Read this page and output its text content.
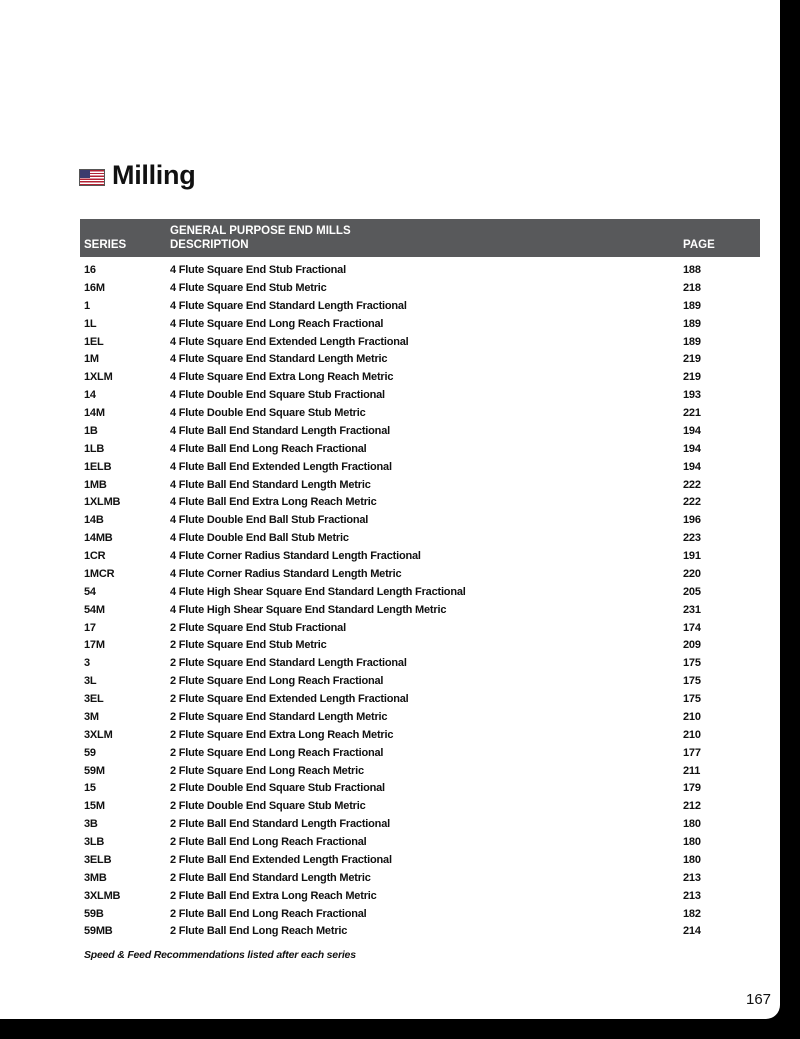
Milling
SERIES
GENERAL PURPOSE END MILLS
DESCRIPTION	PAGE
16	4 Flute Square End Stub Fractional	188
16M	4 Flute Square End Stub Metric	218
1	4 Flute Square End Standard Length Fractional	189
1L	4 Flute Square End Long Reach Fractional	189
1EL	4 Flute Square End Extended Length Fractional	189
1M	4 Flute Square End Standard Length Metric	219
1XLM	4 Flute Square End Extra Long Reach Metric	219
14	4 Flute Double End Square Stub Fractional	193
14M	4 Flute Double End Square Stub Metric	221
1B	4 Flute Ball End Standard Length Fractional	194
1LB	4 Flute Ball End Long Reach Fractional	194
1ELB	4 Flute Ball End Extended Length Fractional	194
1MB	4 Flute Ball End Standard Length Metric	222
1XLMB	4 Flute Ball End Extra Long Reach Metric	222
14B	4 Flute Double End Ball Stub Fractional	196
14MB	4 Flute Double End Ball Stub Metric	223
1CR	4 Flute Corner Radius Standard Length Fractional	191
1MCR	4 Flute Corner Radius Standard Length Metric	220
54	4 Flute High Shear Square End Standard Length Fractional	205
54M	4 Flute High Shear Square End Standard Length Metric	231
17	2 Flute Square End Stub Fractional	174
17M	2 Flute Square End Stub Metric	209
3	2 Flute Square End Standard Length Fractional	175
3L	2 Flute Square End Long Reach Fractional	175
3EL	2 Flute Square End Extended Length Fractional	175
3M	2 Flute Square End Standard Length Metric	210
3XLM	2 Flute Square End Extra Long Reach Metric	210
59	2 Flute Square End Long Reach Fractional	177
59M	2 Flute Square End Long Reach Metric	211
15	2 Flute Double End Square Stub Fractional	179
15M	2 Flute Double End Square Stub Metric	212
3B	2 Flute Ball End Standard Length Fractional	180
3LB	2 Flute Ball End Long Reach Fractional	180
3ELB	2 Flute Ball End Extended Length Fractional	180
3MB	2 Flute Ball End Standard Length Metric	213
3XLMB	2 Flute Ball End Extra Long Reach Metric	213
59B	2 Flute Ball End Long Reach Fractional	182
59MB	2 Flute Ball End Long Reach Metric	214
Speed & Feed Recommendations listed after each series
167
